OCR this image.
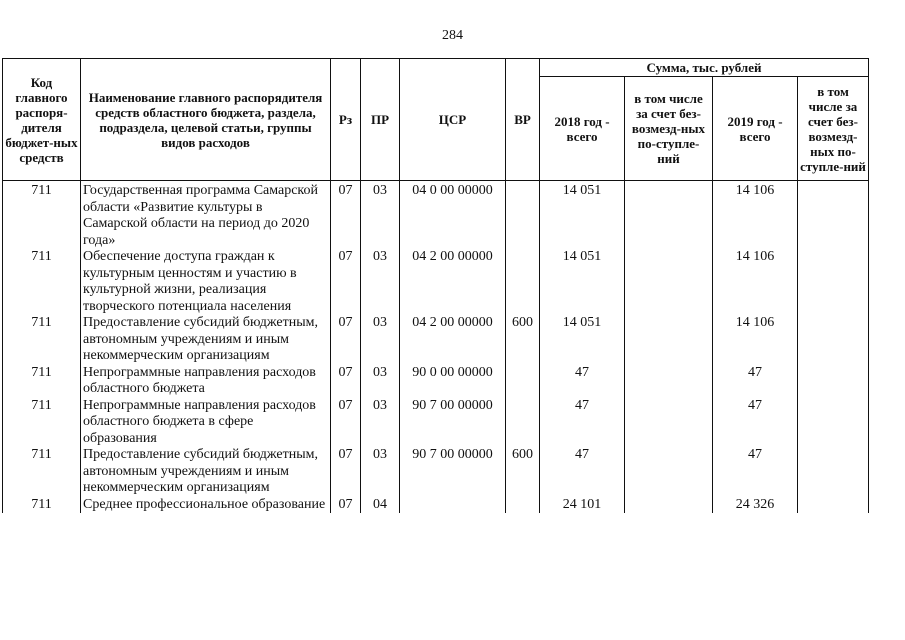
284
Код главного распоря-дителя бюджет-ных средств	Наименование главного распорядителя средств областного бюджета, раздела, подраздела, целевой статьи, группы видов расходов	Рз	ПР	ЦСР	ВР	Сумма, тыс. рублей			
						2018 год - всего	в том числе за счет без-возмезд-ных по-ступле-ний	2019 год - всего	в том числе за счет без-возмезд-ных по-ступле-ний
711	Государственная программа Самарской области «Развитие культуры в Самарской области на период до 2020 года»	07	03	04 0 00 00000		14 051		14 106	
711	Обеспечение доступа граждан к культурным ценностям и участию в культурной жизни, реализация творческого потенциала населения	07	03	04 2 00 00000		14 051		14 106	
711	Предоставление субсидий бюджетным, автономным учреждениям и иным некоммерческим организациям	07	03	04 2 00 00000	600	14 051		14 106	
711	Непрограммные направления расходов областного бюджета	07	03	90 0 00 00000		47		47	
711	Непрограммные направления расходов областного бюджета в сфере образования	07	03	90 7 00 00000		47		47	
711	Предоставление субсидий бюджетным, автономным учреждениям и иным некоммерческим организациям	07	03	90 7 00 00000	600	47		47	
711	Среднее профессиональное образование	07	04			24 101		24 326	
